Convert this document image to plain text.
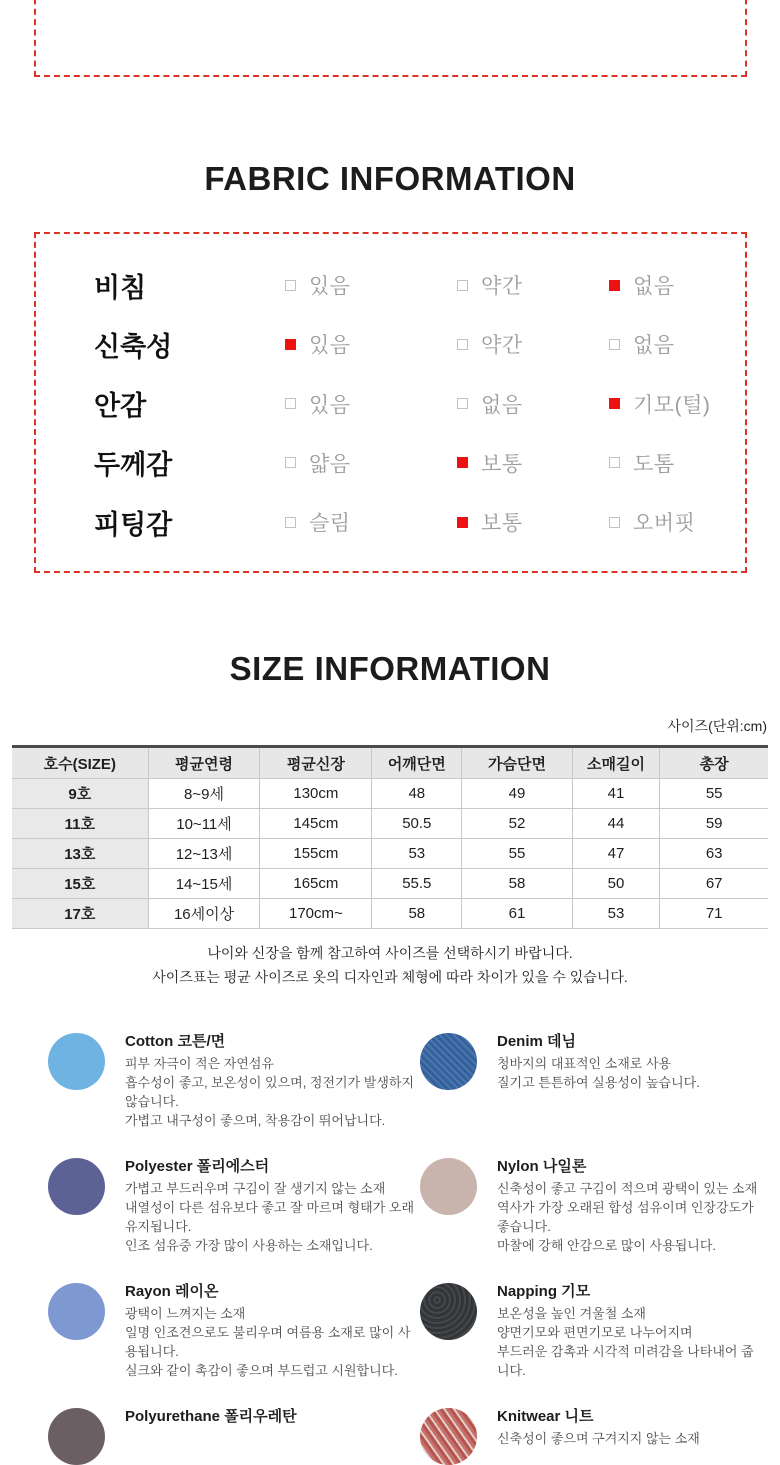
FABRIC INFORMATION
비침	있음	약간	없음
신축성	있음	약간	없음
안감	있음	없음	기모(털)
두께감	얇음	보통	도톰
피팅감	슬림	보통	오버핏
SIZE INFORMATION
사이즈(단위:cm)
호수(SIZE)	평균연령	평균신장	어깨단면	가슴단면	소매길이	총장
9호	8~9세	130cm	48	49	41	55
11호	10~11세	145cm	50.5	52	44	59
13호	12~13세	155cm	53	55	47	63
15호	14~15세	165cm	55.5	58	50	67
17호	16세이상	170cm~	58	61	53	71
나이와 신장을 함께 참고하여 사이즈를 선택하시기 바랍니다.
사이즈표는 평균 사이즈로 옷의 디자인과 체형에 따라 차이가 있을 수 있습니다.
Cotton 코튼/면
피부 자극이 적은 자연섬유
흡수성이 좋고, 보온성이 있으며, 정전기가 발생하지 않습니다.
가볍고 내구성이 좋으며, 착용감이 뛰어납니다.
Denim 데님
청바지의 대표적인 소재로 사용
질기고 튼튼하여 실용성이 높습니다.
Polyester 폴리에스터
가볍고 부드러우며 구김이 잘 생기지 않는 소재
내열성이 다른 섬유보다 좋고 잘 마르며 형태가 오래 유지됩니다.
인조 섬유중 가장 많이 사용하는 소재입니다.
Nylon 나일론
신축성이 좋고 구김이 적으며 광택이 있는 소재
역사가 가장 오래된 합성 섬유이며 인장강도가 좋습니다.
마찰에 강해 안감으로 많이 사용됩니다.
Rayon 레이온
광택이 느껴지는 소재
일명 인조견으로도 불리우며 여름용 소재로 많이 사용됩니다.
실크와 같이 촉감이 좋으며 부드럽고 시원합니다.
Napping 기모
보온성을 높인 겨울철 소재
양면기모와 편면기모로 나누어지며
부드러운 감촉과 시각적 미려감을 나타내어 줍니다.
Polyurethane 폴리우레탄	Knitwear 니트
신축성이 좋으며 구겨지지 않는 소재
